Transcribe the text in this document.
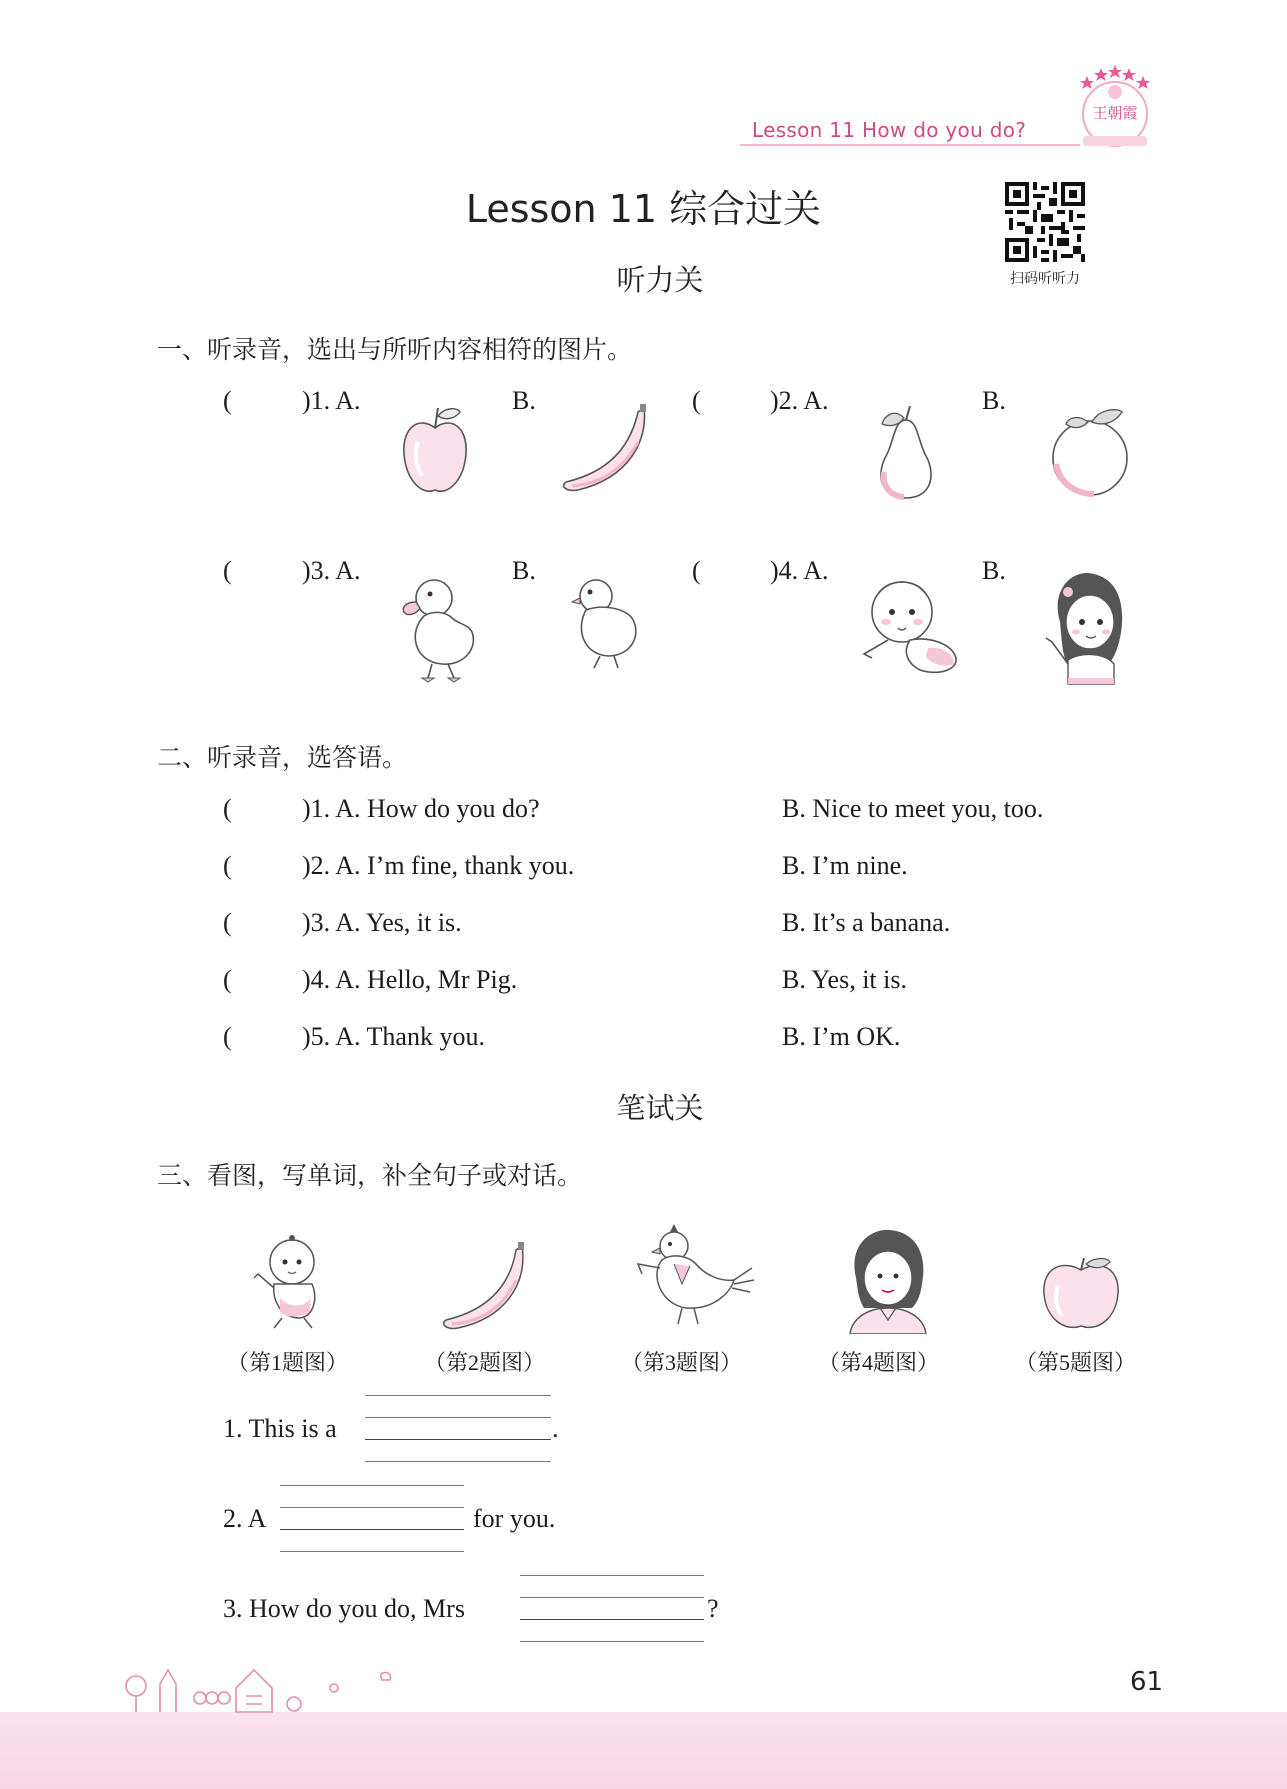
王朝霞
Lesson 11 How do you do?
Lesson 11 综合过关
扫码听听力
听力关
一、听录音，选出与所听内容相符的图片。
(	)1. A.	B.	(	)2. A.	B.
(	)3. A.	B.	(	)4. A.	B.
二、听录音，选答语。
(	)1. A. How do you do?	B. Nice to meet you, too.
(	)2. A. I’m fine, thank you.	B. I’m nine.
(	)3. A. Yes, it is.	B. It’s a banana.
(	)4. A. Hello, Mr Pig.	B. Yes, it is.
(	)5. A. Thank you.	B. I’m OK.
笔试关
三、看图，写单词，补全句子或对话。
（第1题图）	（第2题图）	（第3题图）	（第4题图）	（第5题图）
1. This is a	.
2. A	for you.
3. How do you do, Mrs	?
61
